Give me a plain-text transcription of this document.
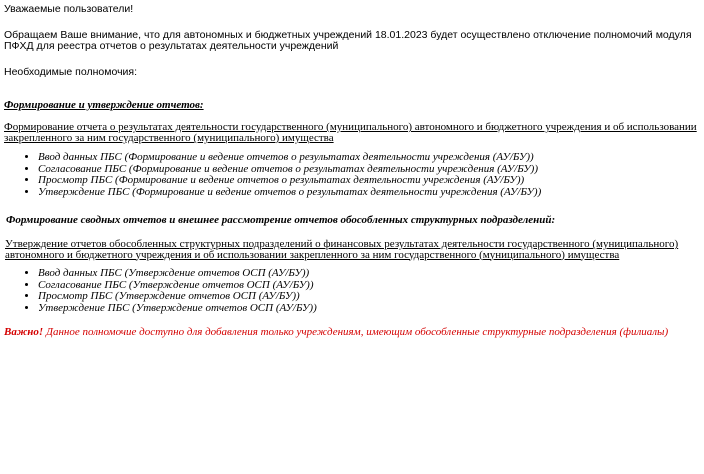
Уважаемые пользователи!

Обращаем Ваше внимание, что для автономных и бюджетных учреждений 18.01.2023 будет осуществлено отключение полномочий модуля ПФХД для реестра отчетов о результатах деятельности учреждений

Необходимые полномочия:

Формирование и утверждение отчетов:

Формирование отчета о результатах деятельности государственного (муниципального) автономного и бюджетного учреждения и об использовании закрепленного за ним государственного (муниципального) имущества

• Ввод данных ПБС (Формирование и ведение отчетов о результатах деятельности учреждения (АУ/БУ))
• Согласование ПБС (Формирование и ведение отчетов о результатах деятельности учреждения (АУ/БУ))
• Просмотр ПБС (Формирование и ведение отчетов о результатах деятельности учреждения (АУ/БУ))
• Утверждение ПБС (Формирование и ведение отчетов о результатах деятельности учреждения (АУ/БУ))

Формирование сводных отчетов и внешнее рассмотрение отчетов обособленных структурных подразделений:

Утверждение отчетов обособленных структурных подразделений о финансовых результатах деятельности государственного (муниципального) автономного и бюджетного учреждения и об использовании закрепленного за ним государственного (муниципального) имущества

• Ввод данных ПБС (Утверждение отчетов ОСП (АУ/БУ))
• Согласование ПБС (Утверждение отчетов ОСП (АУ/БУ))
• Просмотр ПБС (Утверждение отчетов ОСП (АУ/БУ))
• Утверждение ПБС (Утверждение отчетов ОСП (АУ/БУ))

Важно! Данное полномочие доступно для добавления только учреждениям, имеющим обособленные структурные подразделения (филиалы)
